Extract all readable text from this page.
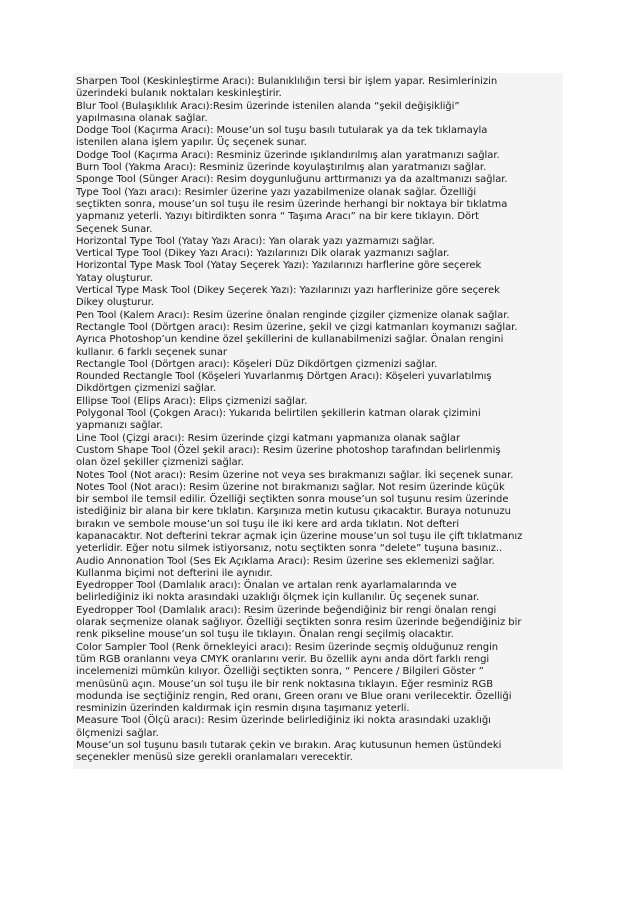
Sharpen Tool (Keskinleştirme Aracı): Bulanıklılığın tersi bir işlem yapar. Resimlerinizin
üzerindeki bulanık noktaları keskinleştirir.

Blur Tool (Bulaşıklılık Aracı):Resim üzerinde istenilen alanda “şekil değişikliği”
yapılmasına olanak sağlar.

Dodge Tool (Kaçırma Aracı): Mouse’un sol tuşu basılı tutularak ya da tek tıklamayla
istenilen alana işlem yapılır. Üç seçenek sunar.

Dodge Tool (Kaçırma Aracı): Resminiz üzerinde ışıklandırılmış alan yaratmanızı sağlar.

Burn Tool (Yakma Aracı): Resminiz üzerinde koyulaştırılmış alan yaratmanızı sağlar.

Sponge Tool (Sünger Aracı): Resim doygunluğunu arttırmanızı ya da azaltmanızı sağlar.

Type Tool (Yazı aracı): Resimler üzerine yazı yazabilmenize olanak sağlar. Özelliği
seçtikten sonra, mouse’un sol tuşu ile resim üzerinde herhangi bir noktaya bir tıklatma
yapmanız yeterli. Yazıyı bitirdikten sonra “ Taşıma Aracı” na bir kere tıklayın. Dört
Seçenek Sunar.

Horizontal Type Tool (Yatay Yazı Aracı): Yan olarak yazı yazmamızı sağlar.

Vertical Type Tool (Dikey Yazı Aracı): Yazılarınızı Dik olarak yazmanızı sağlar.

Horizontal Type Mask Tool (Yatay Seçerek Yazı): Yazılarınızı harflerine göre seçerek
Yatay oluşturur.

Vertical Type Mask Tool (Dikey Seçerek Yazı): Yazılarınızı yazı harflerinize göre seçerek
Dikey oluşturur.

Pen Tool (Kalem Aracı): Resim üzerine önalan renginde çizgiler çizmenize olanak sağlar.

Rectangle Tool (Dörtgen aracı): Resim üzerine, şekil ve çizgi katmanları koymanızı sağlar.
Ayrıca Photoshop’un kendine özel şekillerini de kullanabilmenizi sağlar. Önalan rengini
kullanır. 6 farklı seçenek sunar

Rectangle Tool (Dörtgen aracı): Köşeleri Düz Dikdörtgen çizmenizi sağlar.

Rounded Rectangle Tool (Köşeleri Yuvarlanmış Dörtgen Aracı): Köşeleri yuvarlatılmış
Dikdörtgen çizmenizi sağlar.

Ellipse Tool (Elips Aracı): Elips çizmenizi sağlar.

Polygonal Tool (Çokgen Aracı): Yukarıda belirtilen şekillerin katman olarak çizimini
yapmanızı sağlar.

Line Tool (Çizgi aracı): Resim üzerinde çizgi katmanı yapmanıza olanak sağlar

Custom Shape Tool (Özel şekil aracı): Resim üzerine photoshop tarafından belirlenmiş
olan özel şekiller çizmenizi sağlar.

Notes Tool (Not aracı): Resim üzerine not veya ses bırakmanızı sağlar. İki seçenek sunar.

Notes Tool (Not aracı): Resim üzerine not bırakmanızı sağlar. Not resim üzerinde küçük
bir sembol ile temsil edilir. Özelliği seçtikten sonra mouse’un sol tuşunu resim üzerinde
istediğiniz bir alana bir kere tıklatın. Karşınıza metin kutusu çıkacaktır. Buraya notunuzu
bırakın ve sembole mouse’un sol tuşu ile iki kere ard arda tıklatın. Not defteri
kapanacaktır. Not defterini tekrar açmak için üzerine mouse’un sol tuşu ile çift tıklatmanız
yeterlidir. Eğer notu silmek istiyorsanız, notu seçtikten sonra “delete” tuşuna basınız..

Audio Annonation Tool (Ses Ek Açıklama Aracı): Resim üzerine ses eklemenizi sağlar.
Kullanma biçimi not defterini ile aynıdır.

Eyedropper Tool (Damlalık aracı): Önalan ve artalan renk ayarlamalarında ve
belirlediğiniz iki nokta arasındaki uzaklığı ölçmek için kullanılır. Üç seçenek sunar.

Eyedropper Tool (Damlalık aracı): Resim üzerinde beğendiğiniz bir rengi önalan rengi
olarak seçmenize olanak sağlıyor. Özelliği seçtikten sonra resim üzerinde beğendiğiniz bir
renk pikseline mouse’un sol tuşu ile tıklayın. Önalan rengi seçilmiş olacaktır.

Color Sampler Tool (Renk örnekleyici aracı): Resim üzerinde seçmiş olduğunuz rengin
tüm RGB oranlannı veya CMYK oranlarını verir. Bu özellik aynı anda dört farklı rengi
incelemenizi mümkün kılıyor. Özelliği seçtikten sonra, “ Pencere / Bilgileri Göster ”
menüsünü açın. Mouse’un sol tuşu ile bir renk noktasına tıklayın. Eğer resminiz RGB
modunda ise seçtiğiniz rengin, Red oranı, Green oranı ve Blue oranı verilecektir. Özelliği
resminizin üzerinden kaldırmak için resmin dışına taşımanız yeterli.

Measure Tool (Ölçü aracı): Resim üzerinde belirlediğiniz iki nokta arasındaki uzaklığı
ölçmenizi sağlar.

Mouse’un sol tuşunu basılı tutarak çekin ve bırakın. Araç kutusunun hemen üstündeki
seçenekler menüsü size gerekli oranlamaları verecektir.
